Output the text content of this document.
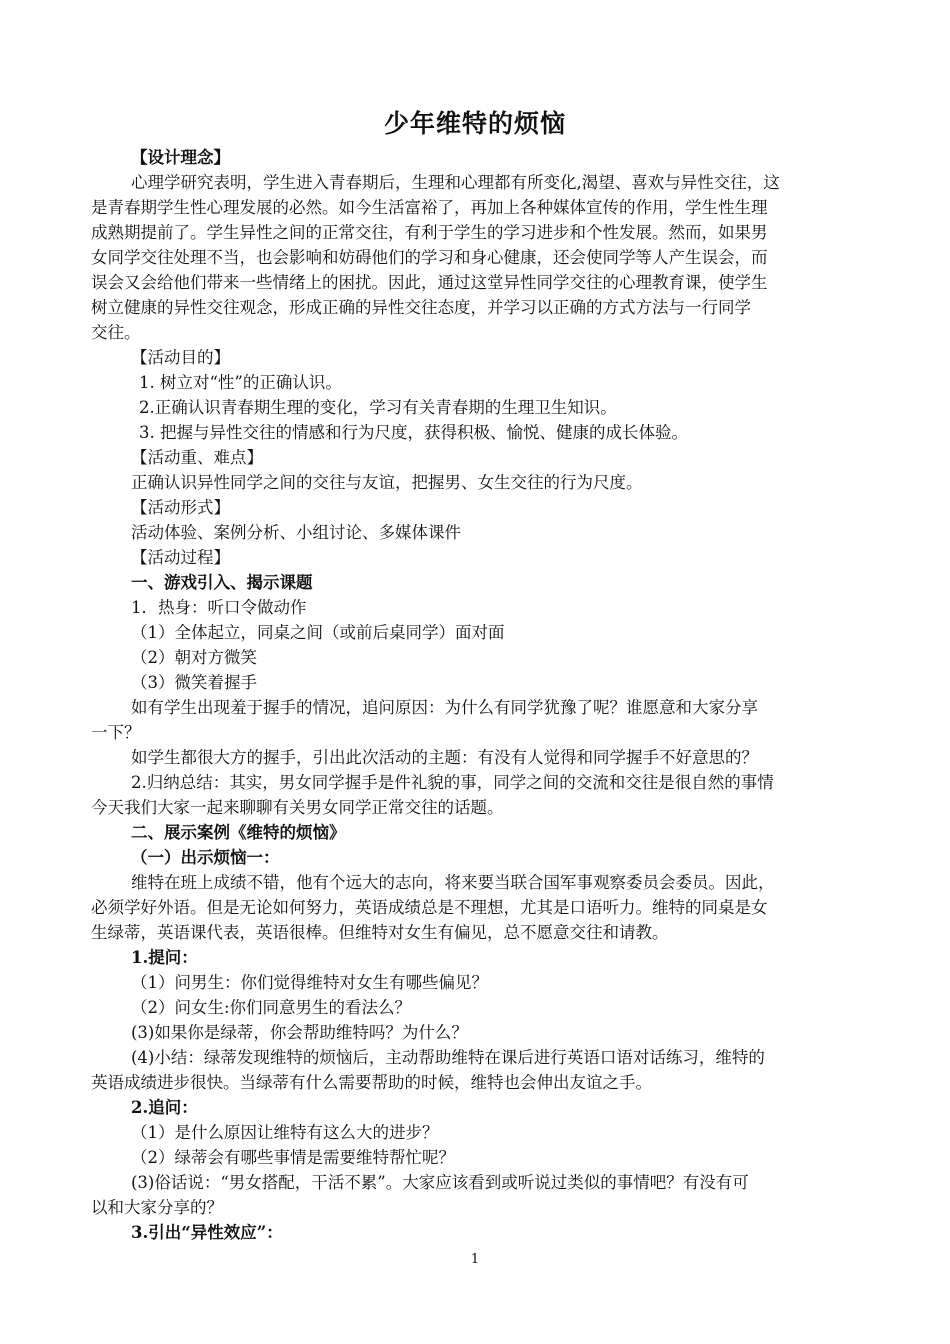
少年维特的烦恼
【设计理念】
心理学研究表明，学生进入青春期后，生理和心理都有所变化,渴望、喜欢与异性交往，这
是青春期学生性心理发展的必然。如今生活富裕了，再加上各种媒体宣传的作用，学生性生理
成熟期提前了。学生异性之间的正常交往，有利于学生的学习进步和个性发展。然而，如果男
女同学交往处理不当，也会影响和妨碍他们的学习和身心健康，还会使同学等人产生误会，而
误会又会给他们带来一些情绪上的困扰。因此，通过这堂异性同学交往的心理教育课，使学生
树立健康的异性交往观念，形成正确的异性交往态度，并学习以正确的方式方法与一行同学
交往。
【活动目的】
1. 树立对“性”的正确认识。
2.正确认识青春期生理的变化，学习有关青春期的生理卫生知识。
3. 把握与异性交往的情感和行为尺度，获得积极、愉悦、健康的成长体验。
【活动重、难点】
正确认识异性同学之间的交往与友谊，把握男、女生交往的行为尺度。
【活动形式】
活动体验、案例分析、小组讨论、多媒体课件
【活动过程】
一、游戏引入、揭示课题
1．热身：听口令做动作
（1）全体起立，同桌之间（或前后桌同学）面对面
（2）朝对方微笑
（3）微笑着握手
如有学生出现羞于握手的情况，追问原因：为什么有同学犹豫了呢？谁愿意和大家分享
一下？
如学生都很大方的握手，引出此次活动的主题：有没有人觉得和同学握手不好意思的？
2.归纳总结：其实，男女同学握手是件礼貌的事，同学之间的交流和交往是很自然的事情
今天我们大家一起来聊聊有关男女同学正常交往的话题。
二、展示案例《维特的烦恼》
（一）出示烦恼一：
维特在班上成绩不错，他有个远大的志向，将来要当联合国军事观察委员会委员。因此，
必须学好外语。但是无论如何努力，英语成绩总是不理想，尤其是口语听力。维特的同桌是女
生绿蒂，英语课代表，英语很棒。但维特对女生有偏见，总不愿意交往和请教。
1.提问：
（1）问男生：你们觉得维特对女生有哪些偏见？
（2）问女生:你们同意男生的看法么？
(3)如果你是绿蒂，你会帮助维特吗？为什么？
(4)小结：绿蒂发现维特的烦恼后，主动帮助维特在课后进行英语口语对话练习，维特的
英语成绩进步很快。当绿蒂有什么需要帮助的时候，维特也会伸出友谊之手。
2.追问：
（1）是什么原因让维特有这么大的进步？
（2）绿蒂会有哪些事情是需要维特帮忙呢？
(3)俗话说：“男女搭配，干活不累”。大家应该看到或听说过类似的事情吧？有没有可
以和大家分享的？
3.引出“异性效应”：
1
